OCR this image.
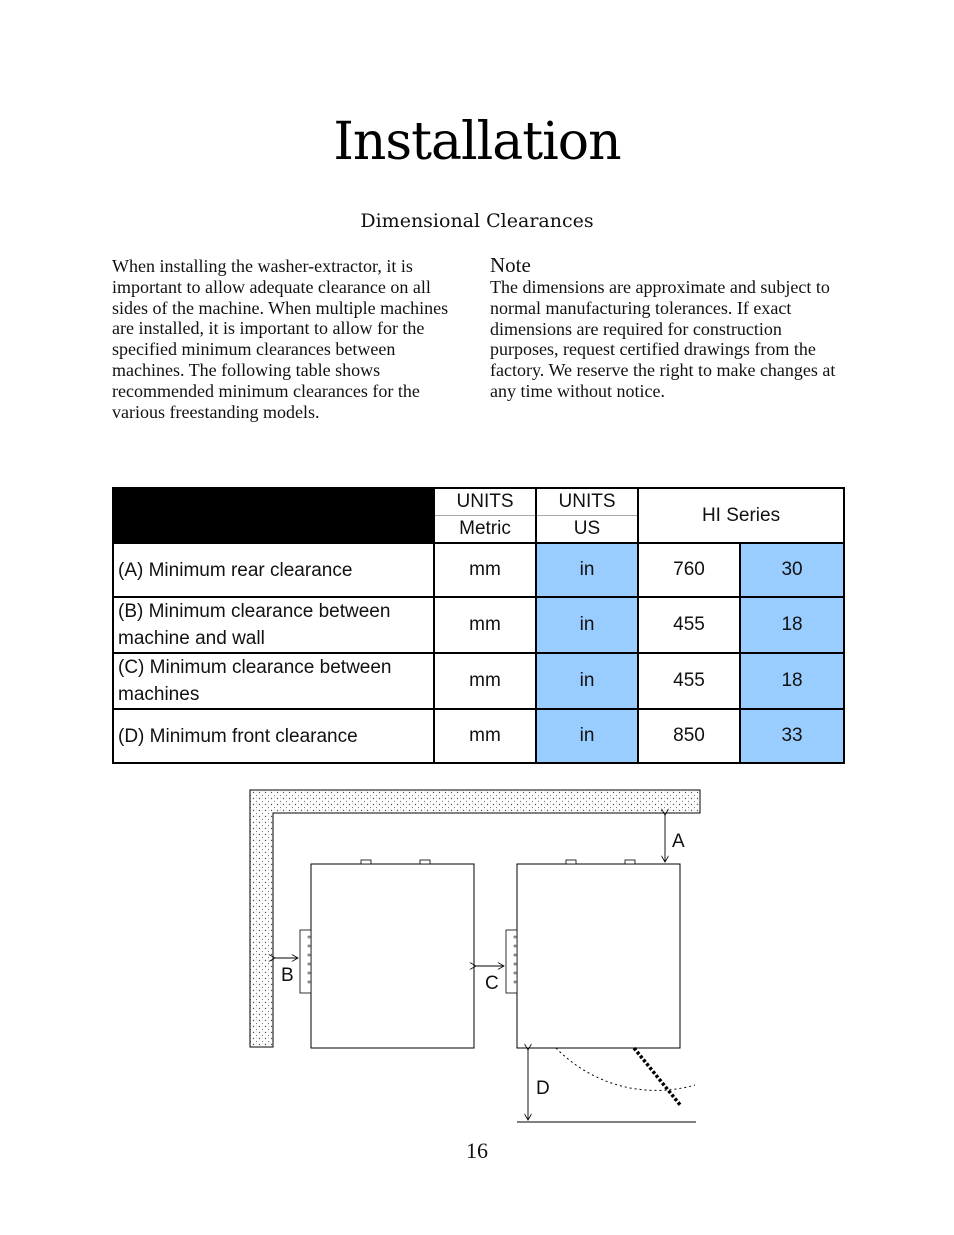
Installation
Dimensional Clearances

When installing the washer-extractor, it is important to allow adequate clearance on all sides of the machine. When multiple machines are installed, it is important to allow for the specified minimum clearances between machines. The following table shows recommended minimum clearances for the various freestanding models.

Note

The dimensions are approximate and subject to normal manufacturing tolerances. If exact dimensions are required for construction purposes, request certified drawings from the factory. We reserve the right to make changes at any time without notice.

	UNITS	UNITS	HI Series	
	Metric	US		
(A) Minimum rear clearance	mm	in	760	30
(B) Minimum clearance between machine and wall	mm	in	455	18
(C) Minimum clearance between machines	mm	in	455	18
(D) Minimum front clearance	mm	in	850	33
A
B	C
D
16
